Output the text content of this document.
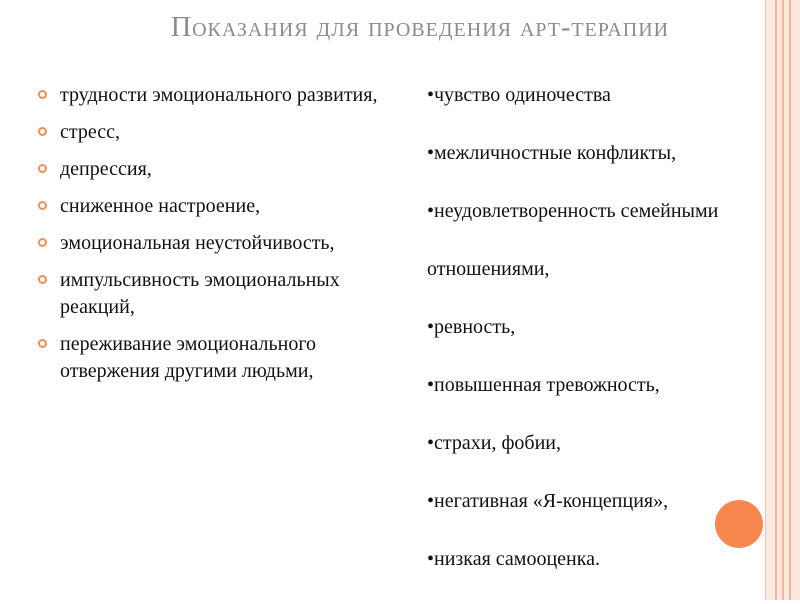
Показания для проведения арт-терапии
трудности эмоционального развития,
стресс,
депрессия,
сниженное настроение,
эмоциональная неустойчивость,
импульсивность эмоциональных реакций,
переживание эмоционального отвержения другими людьми,
•чувство одиночества
•межличностные конфликты,
•неудовлетворенность семейными
отношениями,
•ревность,
•повышенная тревожность,
•страхи, фобии,
•негативная «Я-концепция»,
•низкая самооценка.
